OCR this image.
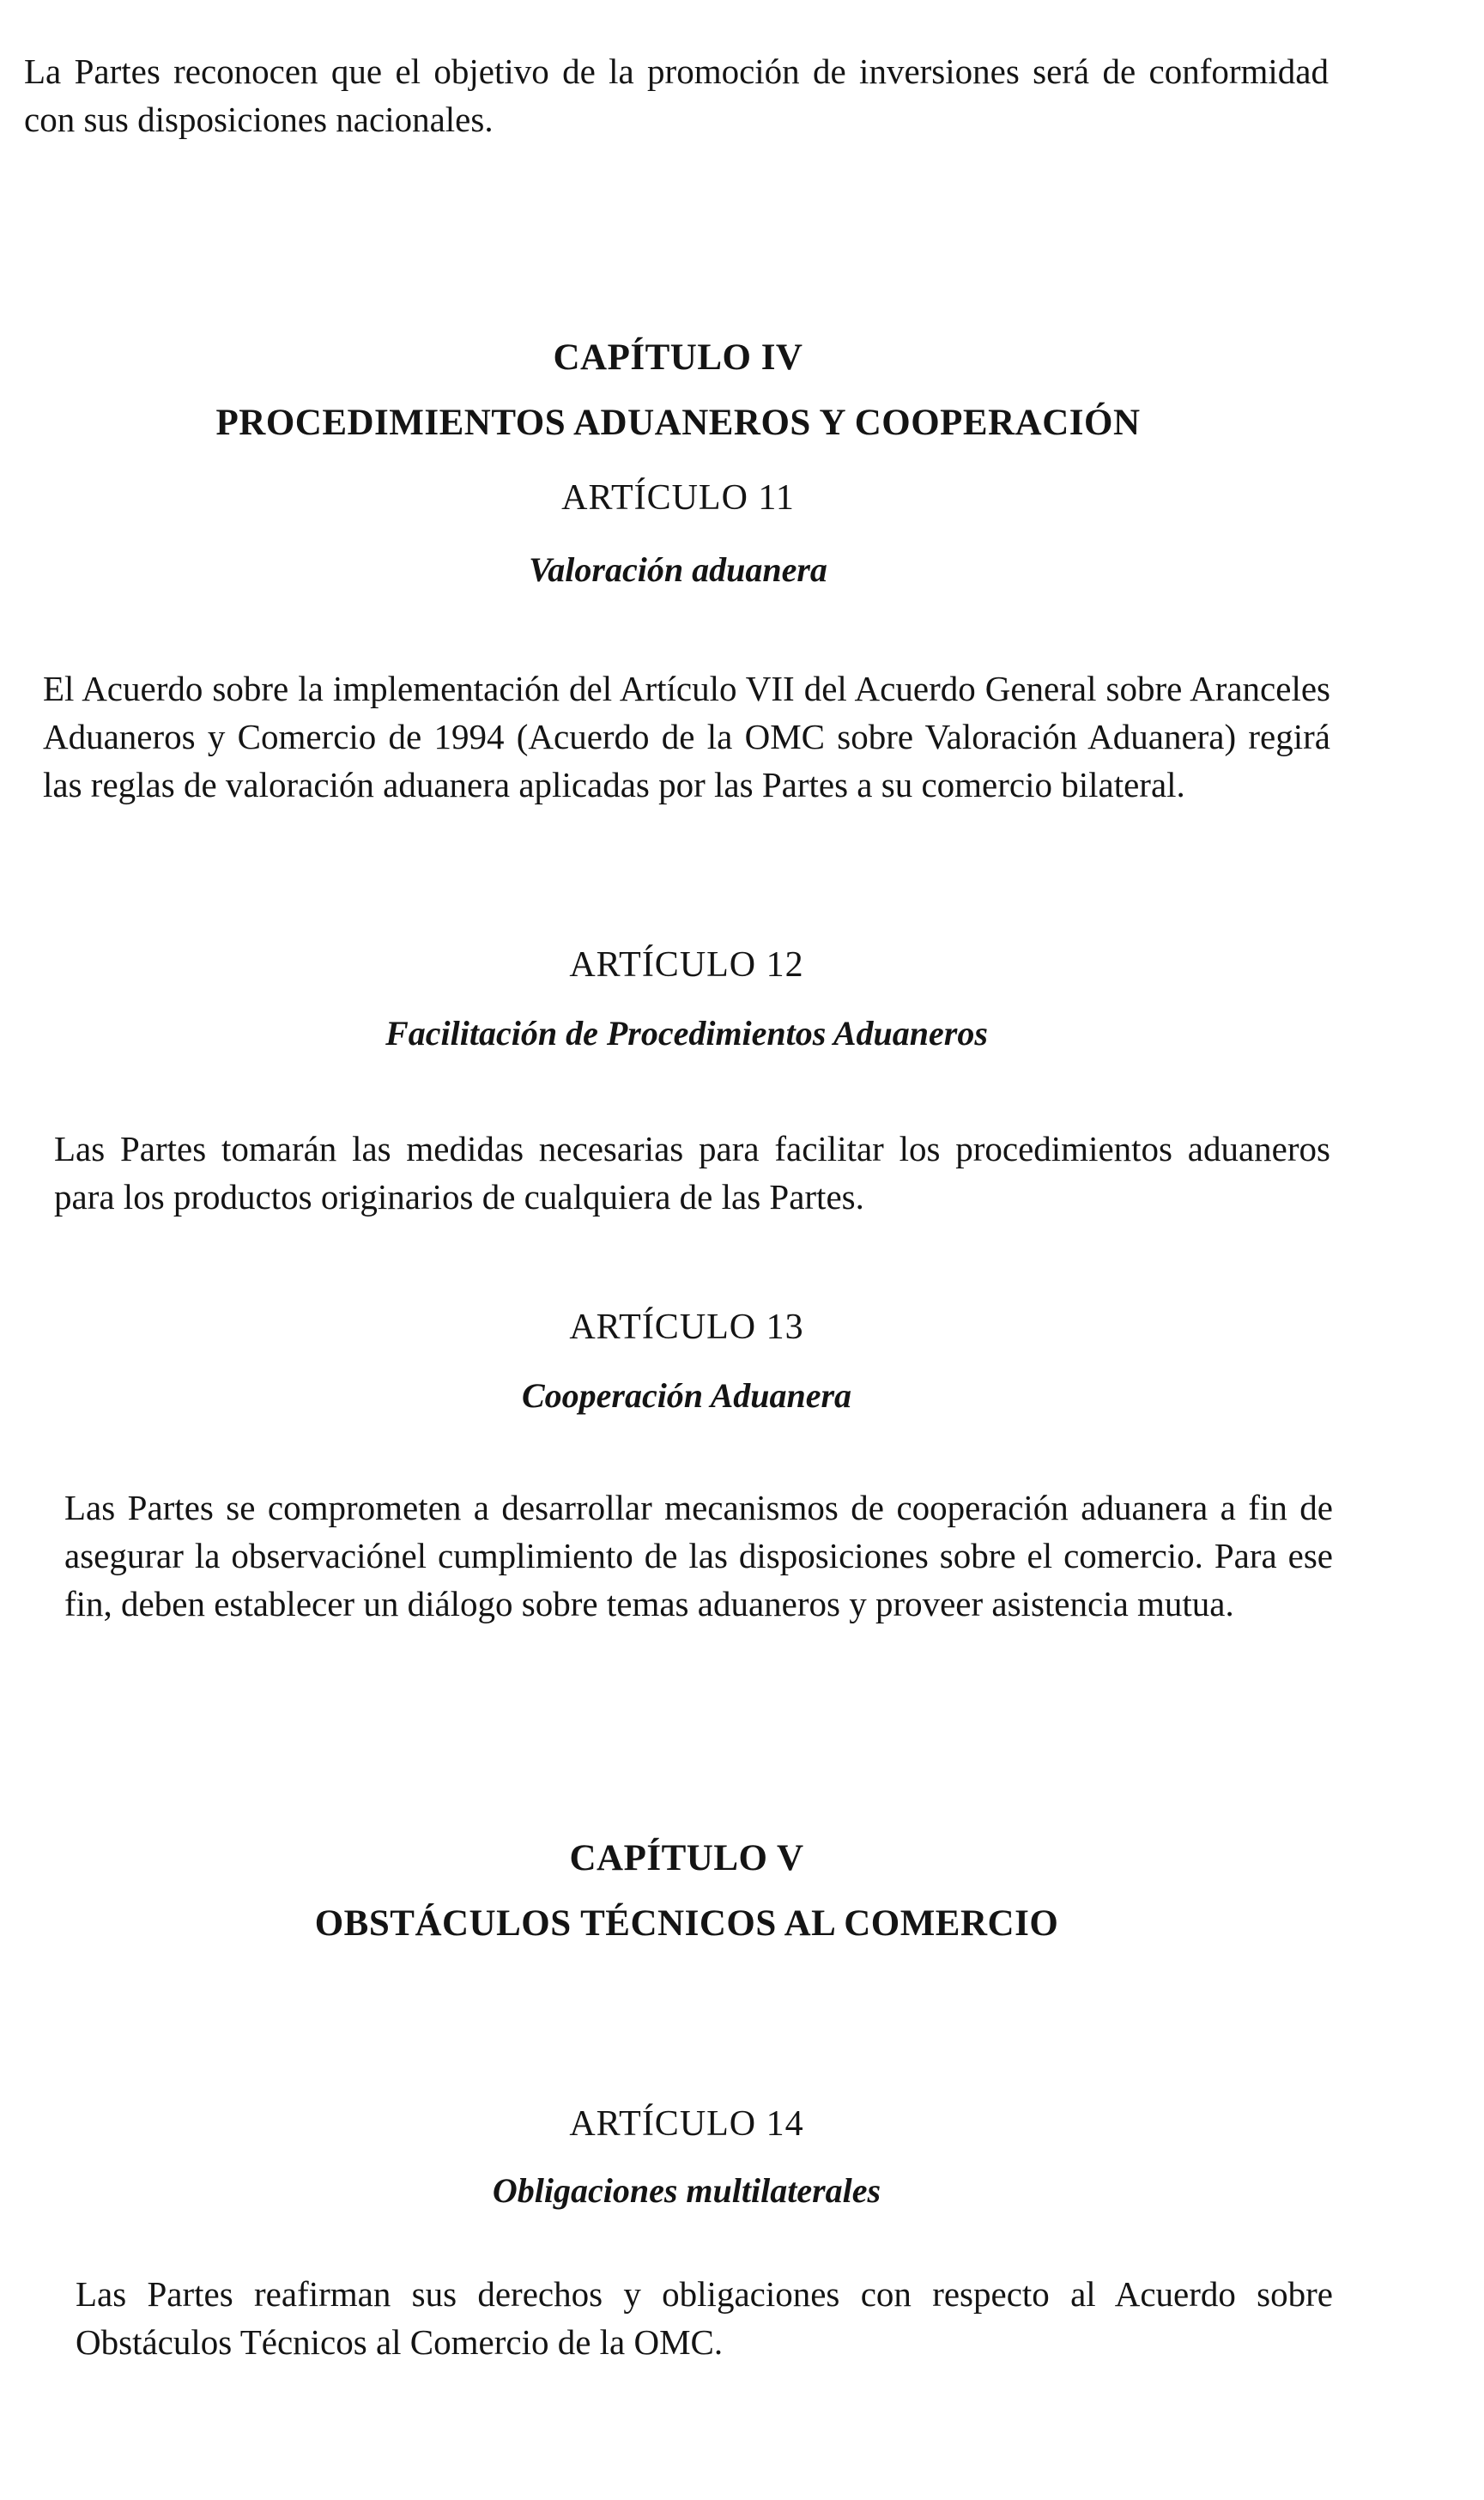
La Partes reconocen que el objetivo de la promoción de inversiones será de conformidad con sus disposiciones nacionales.

CAPÍTULO IV
PROCEDIMIENTOS ADUANEROS Y COOPERACIÓN
ARTÍCULO 11
Valoración aduanera

El Acuerdo sobre la implementación del Artículo VII del Acuerdo General sobre Aranceles Aduaneros y Comercio de 1994 (Acuerdo de la OMC sobre Valoración Aduanera) regirá las reglas de valoración aduanera aplicadas por las Partes a su comercio bilateral.

ARTÍCULO 12
Facilitación de Procedimientos Aduaneros

Las Partes tomarán las medidas necesarias para facilitar los procedimientos aduaneros para los productos originarios de cualquiera de las Partes.

ARTÍCULO 13
Cooperación Aduanera

Las Partes se comprometen a desarrollar mecanismos de cooperación aduanera a fin de asegurar la observaciónel cumplimiento de las disposiciones sobre el comercio. Para ese fin, deben establecer un diálogo sobre temas aduaneros y proveer asistencia mutua.

CAPÍTULO V
OBSTÁCULOS TÉCNICOS AL COMERCIO
ARTÍCULO 14
Obligaciones multilaterales

Las Partes reafirman sus derechos y obligaciones con respecto al Acuerdo sobre Obstáculos Técnicos al Comercio de la OMC.
